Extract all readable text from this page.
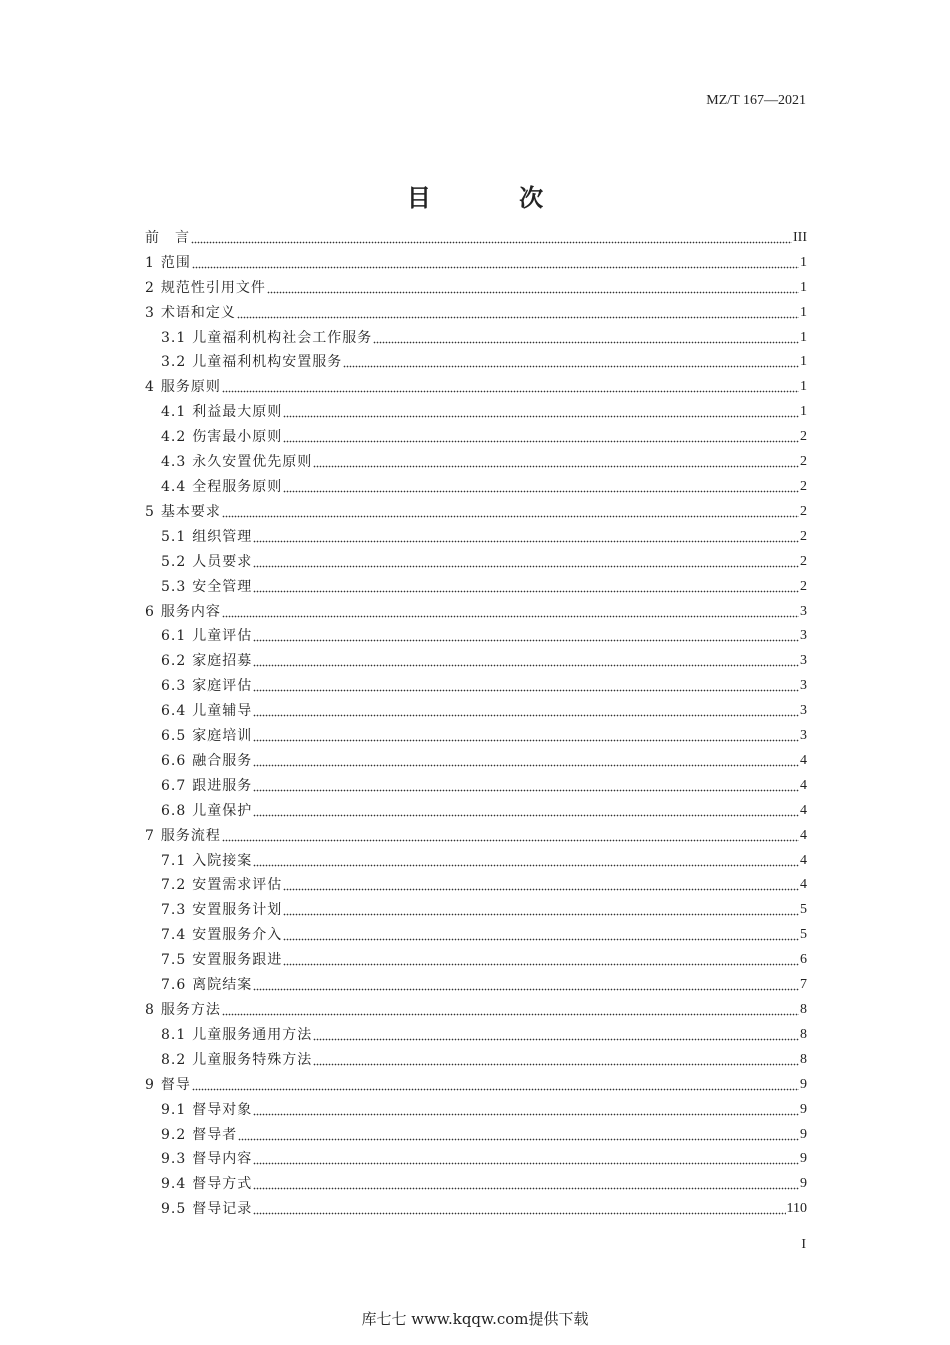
MZ/T 167—2021
目 次
前　言	III
1 范围	1
2 规范性引用文件	1
3 术语和定义	1
3.1 儿童福利机构社会工作服务	1
3.2 儿童福利机构安置服务	1
4 服务原则	1
4.1 利益最大原则	1
4.2 伤害最小原则	2
4.3 永久安置优先原则	2
4.4 全程服务原则	2
5 基本要求	2
5.1 组织管理	2
5.2 人员要求	2
5.3 安全管理	2
6 服务内容	3
6.1 儿童评估	3
6.2 家庭招募	3
6.3 家庭评估	3
6.4 儿童辅导	3
6.5 家庭培训	3
6.6 融合服务	4
6.7 跟进服务	4
6.8 儿童保护	4
7 服务流程	4
7.1 入院接案	4
7.2 安置需求评估	4
7.3 安置服务计划	5
7.4 安置服务介入	5
7.5 安置服务跟进	6
7.6 离院结案	7
8 服务方法	8
8.1 儿童服务通用方法	8
8.2 儿童服务特殊方法	8
9 督导	9
9.1 督导对象	9
9.2 督导者	9
9.3 督导内容	9
9.4 督导方式	9
9.5 督导记录	110
I
库七七 www.kqqw.com提供下载
